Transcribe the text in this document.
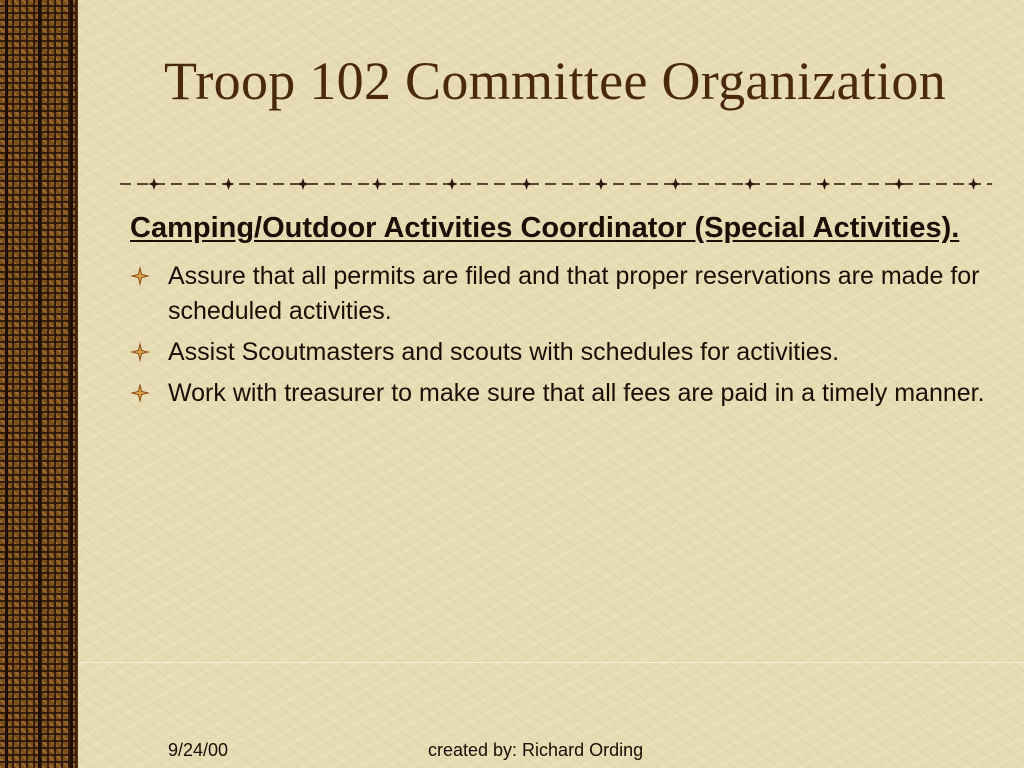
Troop 102 Committee Organization

Camping/Outdoor Activities Coordinator (Special Activities).

Assure that all permits are filed and that proper reservations are made for scheduled activities.
Assist Scoutmasters and scouts with schedules for activities.
Work with treasurer to make sure that all fees are paid in a timely manner.
9/24/00	created by: Richard Ording
